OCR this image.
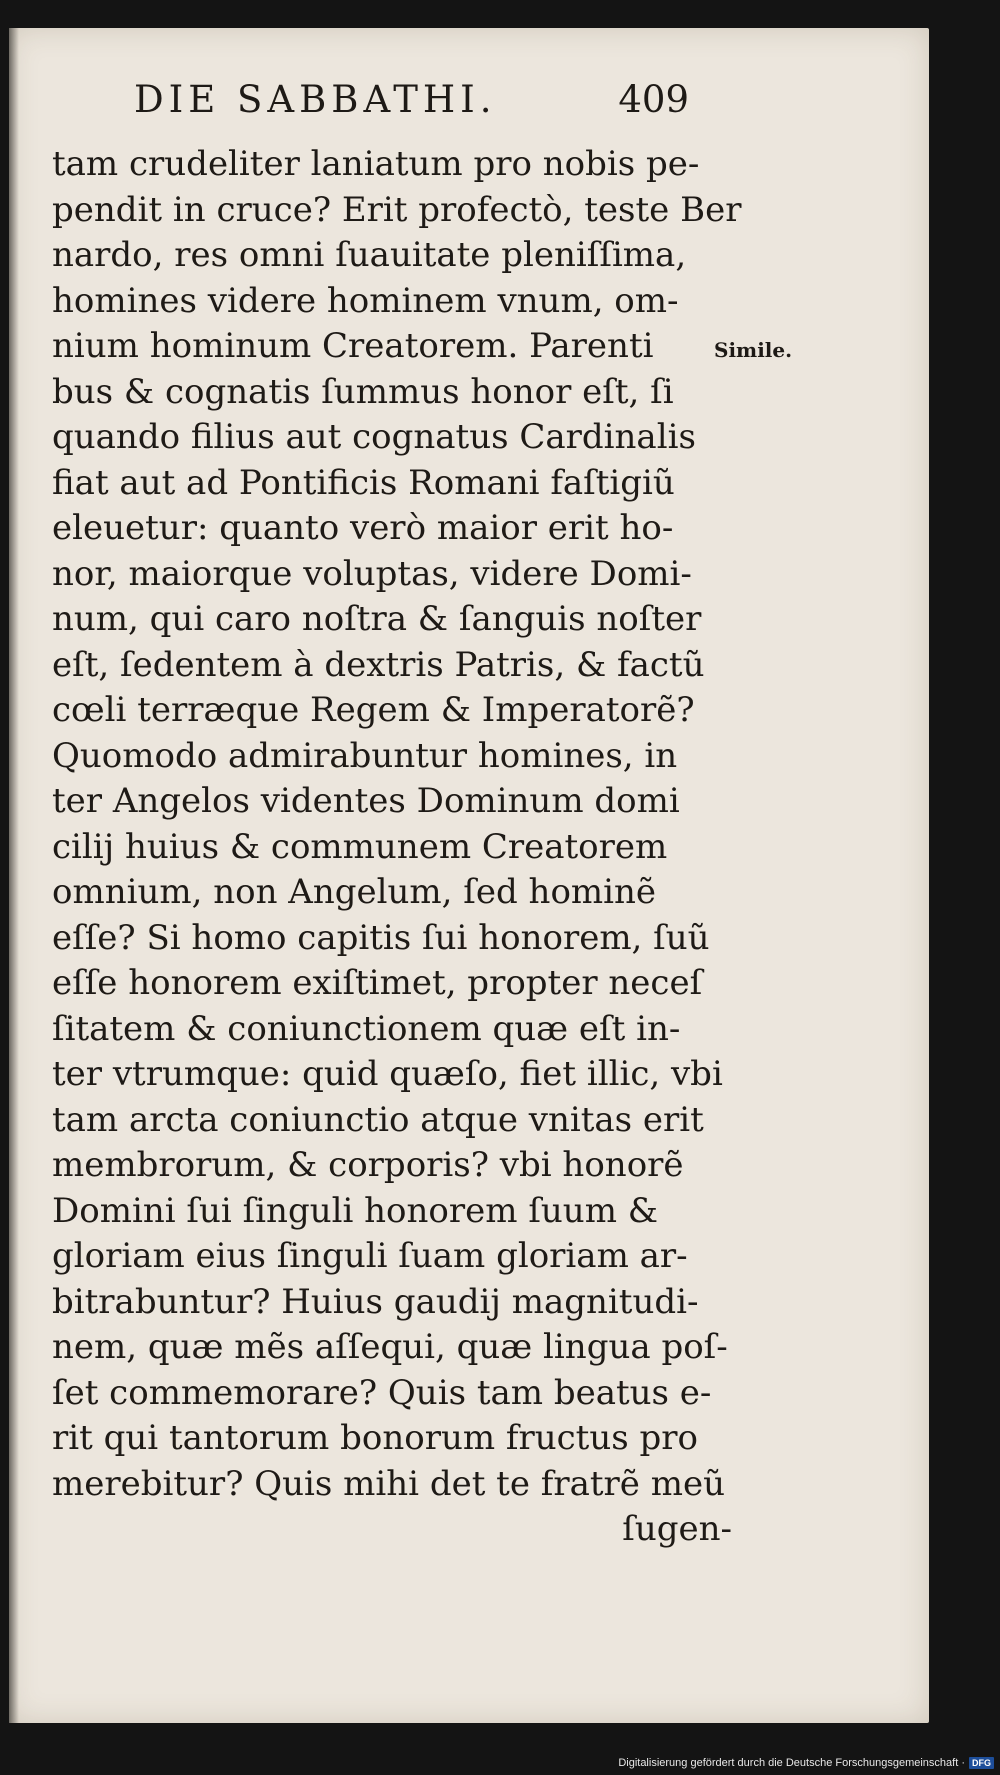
DIE SABBATHI.	409
Simile.
tam crudeliter laniatum pro nobis pe-
pendit in cruce? Erit profectò, teste Ber
nardo, res omni ſuauitate pleniſſima,
homines videre hominem vnum, om-
nium hominum Creatorem. Parenti
bus & cognatis ſummus honor eſt, ſi
quando filius aut cognatus Cardinalis
fiat aut ad Pontificis Romani faſtigiũ
eleuetur: quanto verò maior erit ho-
nor, maiorque voluptas, videre Domi-
num, qui caro noſtra & ſanguis noſter
eſt, ſedentem à dextris Patris, & factũ
cœli terræque Regem & Imperatorẽ?
Quomodo admirabuntur homines, in
ter Angelos videntes Dominum domi
cilij huius & communem Creatorem
omnium, non Angelum, ſed hominẽ
eſſe? Si homo capitis ſui honorem, ſuũ
eſſe honorem exiſtimet, propter neceſ
ſitatem & coniunctionem quæ eſt in-
ter vtrumque: quid quæſo, fiet illic, vbi
tam arcta coniunctio atque vnitas erit
membrorum, & corporis? vbi honorẽ
Domini ſui ſinguli honorem ſuum &
gloriam eius ſinguli ſuam gloriam ar-
bitrabuntur? Huius gaudij magnitudi-
nem, quæ mẽs aſſequi, quæ lingua poſ-
ſet commemorare? Quis tam beatus e-
rit qui tantorum bonorum fructus pro
merebitur? Quis mihi det te fratrẽ meũ
ſugen-
Digitalisierung gefördert durch die Deutsche Forschungsgemeinschaft · DFG
